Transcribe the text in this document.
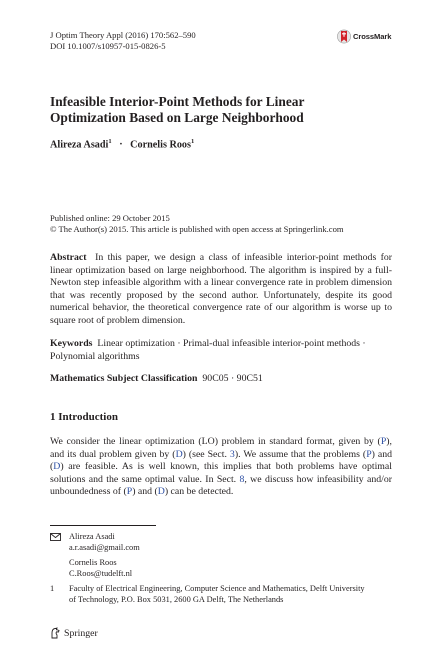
J Optim Theory Appl (2016) 170:562–590
DOI 10.1007/s10957-015-0826-5
CrossMark
Infeasible Interior-Point Methods for Linear
Optimization Based on Large Neighborhood
Alireza Asadi$^1$ · Cornelis Roos$^1$
Published online: 29 October 2015
© The Author(s) 2015. This article is published with open access at Springerlink.com
Abstract In this paper, we design a class of infeasible interior-point methods for linear optimization based on large neighborhood. The algorithm is inspired by a full-Newton step infeasible algorithm with a linear convergence rate in problem dimension that was recently proposed by the second author. Unfortunately, despite its good numerical behavior, the theoretical convergence rate of our algorithm is worse up to square root of problem dimension.
Keywords Linear optimization · Primal-dual infeasible interior-point methods · Polynomial algorithms
Mathematics Subject Classification 90C05 · 90C51
1 Introduction
We consider the linear optimization (LO) problem in standard format, given by (P), and its dual problem given by (D) (see Sect. 3). We assume that the problems (P) and (D) are feasible. As is well known, this implies that both problems have optimal solutions and the same optimal value. In Sect. 8, we discuss how infeasibility and/or unboundedness of (P) and (D) can be detected.
Alireza Asadi
a.r.asadi@gmail.com
Cornelis Roos
C.Roos@tudelft.nl
1	Faculty of Electrical Engineering, Computer Science and Mathematics, Delft University
of Technology, P.O. Box 5031, 2600 GA Delft, The Netherlands
Springer
